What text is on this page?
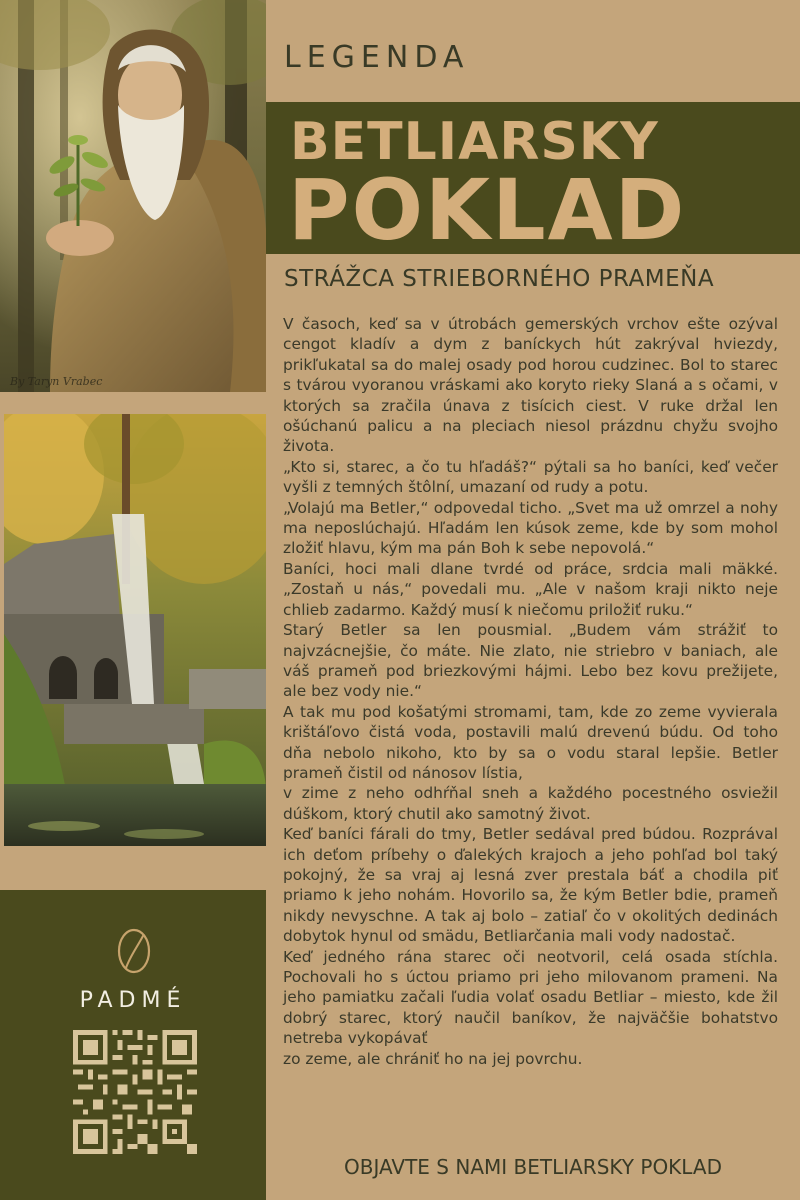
By Taryn Vrabec
PADMÉ
LEGENDA
BETLIARSKY
POKLAD
STRÁŽCA STRIEBORNÉHO PRAMEŇA

V časoch, keď sa v útrobách gemerských vrchov ešte ozýval cengot kladív a dym z baníckych hút zakrýval hviezdy, prikľukatal sa do malej osady pod horou cudzinec. Bol to starec s tvárou vyoranou vráskami ako koryto rieky Slaná a s očami, v ktorých sa zračila únava z tisícich ciest. V ruke držal len ošúchanú palicu a na pleciach niesol prázdnu chyžu svojho života.

„Kto si, starec, a čo tu hľadáš?“ pýtali sa ho baníci, keď večer vyšli z temných štôlní, umazaní od rudy a potu.

„Volajú ma Betler,“ odpovedal ticho. „Svet ma už omrzel a nohy ma neposlúchajú. Hľadám len kúsok zeme, kde by som mohol zložiť hlavu, kým ma pán Boh k sebe nepovolá.“

Baníci, hoci mali dlane tvrdé od práce, srdcia mali mäkké. „Zostaň u nás,“ povedali mu. „Ale v našom kraji nikto neje chlieb zadarmo. Každý musí k niečomu priložiť ruku.“

Starý Betler sa len pousmial. „Budem vám strážiť to najvzácnejšie, čo máte. Nie zlato, nie striebro v baniach, ale váš prameň pod briezkovými hájmi. Lebo bez kovu prežijete, ale bez vody nie.“

A tak mu pod košatými stromami, tam, kde zo zeme vyvierala krištáľovo čistá voda, postavili malú drevenú búdu. Od toho dňa nebolo nikoho, kto by sa o vodu staral lepšie. Betler prameň čistil od nánosov lístia,

v zime z neho odhŕňal sneh a každého pocestného osviežil dúškom, ktorý chutil ako samotný život.

Keď baníci fárali do tmy, Betler sedával pred búdou. Rozprával ich deťom príbehy o ďalekých krajoch a jeho pohľad bol taký pokojný, že sa vraj aj lesná zver prestala báť a chodila piť priamo k jeho nohám. Hovorilo sa, že kým Betler bdie, prameň nikdy nevyschne. A tak aj bolo – zatiaľ čo v okolitých dedinách dobytok hynul od smädu, Betliarčania mali vody nadostač.

Keď jedného rána starec oči neotvoril, celá osada stíchla. Pochovali ho s úctou priamo pri jeho milovanom prameni. Na jeho pamiatku začali ľudia volať osadu Betliar – miesto, kde žil dobrý starec, ktorý naučil baníkov, že najväčšie bohatstvo netreba vykopávať

zo zeme, ale chrániť ho na jej povrchu.

OBJAVTE S NAMI BETLIARSKY POKLAD
